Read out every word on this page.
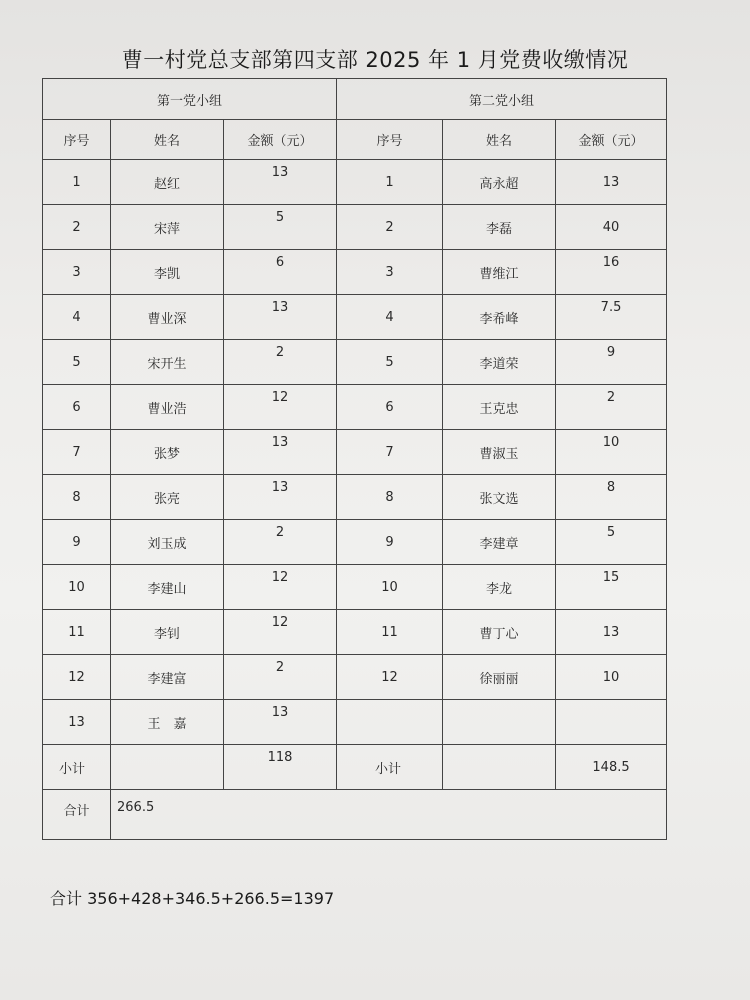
曹一村党总支部第四支部 2025 年 1 月党费收缴情况
第一党小组			第二党小组		
序号	姓名	金额（元）	序号	姓名	金额（元）
1	赵红	13	1	高永超	13
2	宋萍	5	2	李磊	40
3	李凯	6	3	曹维江	16
4	曹业深	13	4	李希峰	7.5
5	宋开生	2	5	李道荣	9
6	曹业浩	12	6	王克忠	2
7	张梦	13	7	曹淑玉	10
8	张亮	13	8	张文选	8
9	刘玉成	2	9	李建章	5
10	李建山	12	10	李龙	15
11	李钊	12	11	曹丁心	13
12	李建富	2	12	徐丽丽	10
13	王　嘉	13			
小计		118	小计		148.5
合计	266.5				
合计 356+428+346.5+266.5=1397
